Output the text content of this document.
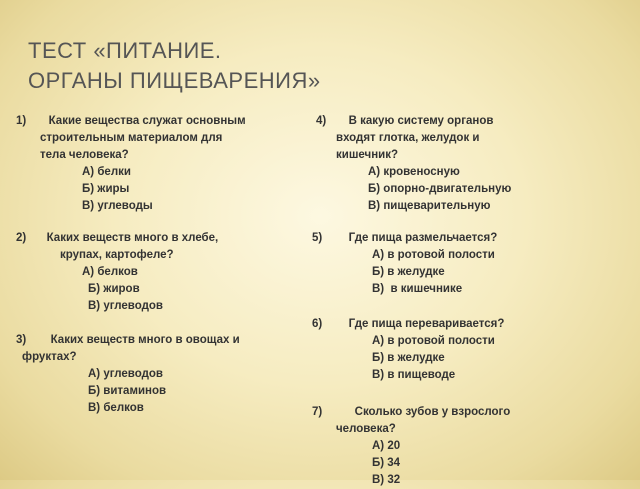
ТЕСТ «ПИТАНИЕ.
ОРГАНЫ ПИЩЕВАРЕНИЯ»
1) Какие вещества служат основным
строительным материалом для
тела человека?
А) белки
Б) жиры
В) углеводы
2) Каких веществ много в хлебе,
крупах, картофеле?
А) белков
Б) жиров
В) углеводов
3) Каких веществ много в овощах и
фруктах?
А) углеводов
Б) витаминов
В) белков
4) В какую систему органов
входят глотка, желудок и
кишечник?
А) кровеносную
Б) опорно-двигательную
В) пищеварительную
5) Где пища размельчается?
А) в ротовой полости
Б) в желудке
В)  в кишечнике
6) Где пища переваривается?
А) в ротовой полости
Б) в желудке
В) в пищеводе
7)	Сколько зубов у взрослого
человека?
А) 20
Б) 34
В) 32
